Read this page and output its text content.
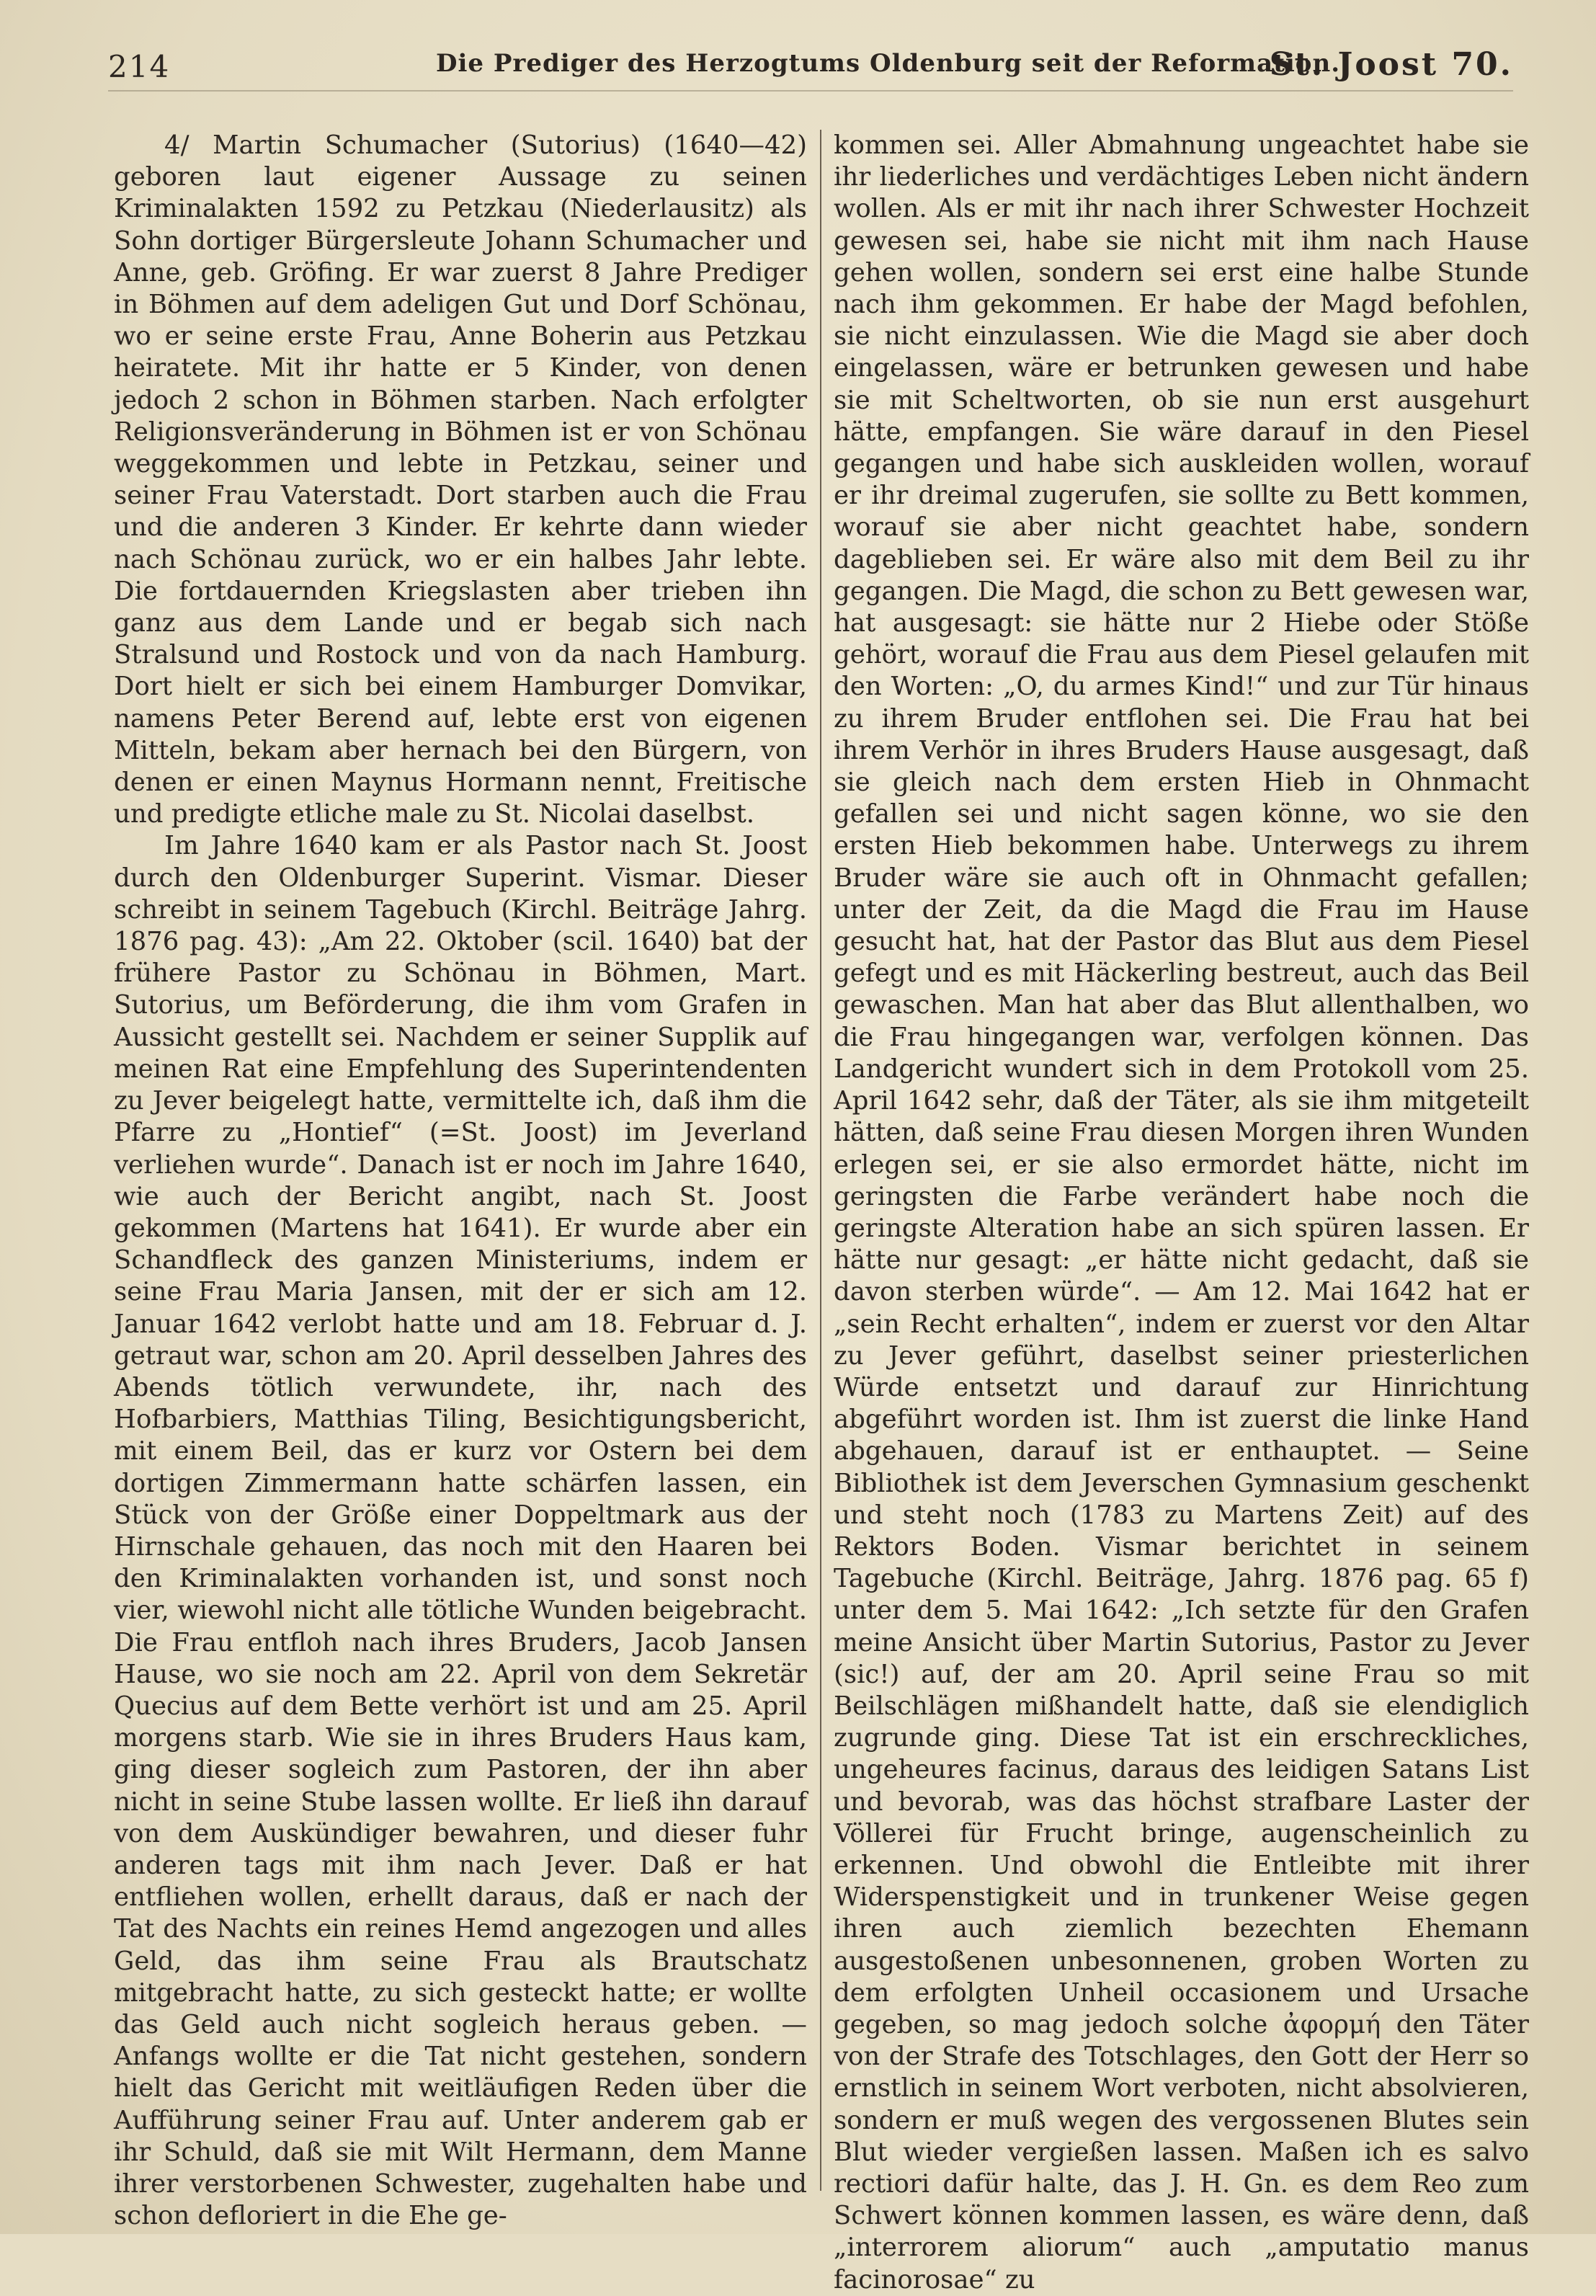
214	Die Prediger des Herzogtums Oldenburg seit der Reformation.
St. Joost 70.

4/ Martin Schumacher (Sutorius) (1640—42) geboren laut eigener Aussage zu seinen Kriminalakten 1592 zu Petzkau (Niederlausitz) als Sohn dortiger Bürgersleute Johann Schumacher und Anne, geb. Gröfing. Er war zuerst 8 Jahre Prediger in Böhmen auf dem adeligen Gut und Dorf Schönau, wo er seine erste Frau, Anne Boherin aus Petzkau heiratete. Mit ihr hatte er 5 Kinder, von denen jedoch 2 schon in Böhmen starben. Nach erfolgter Religionsveränderung in Böhmen ist er von Schönau weggekommen und lebte in Petzkau, seiner und seiner Frau Vaterstadt. Dort starben auch die Frau und die anderen 3 Kinder. Er kehrte dann wieder nach Schönau zurück, wo er ein halbes Jahr lebte. Die fortdauernden Kriegslasten aber trieben ihn ganz aus dem Lande und er begab sich nach Stralsund und Rostock und von da nach Hamburg. Dort hielt er sich bei einem Hamburger Domvikar, namens Peter Berend auf, lebte erst von eigenen Mitteln, bekam aber hernach bei den Bürgern, von denen er einen Maynus Hormann nennt, Freitische und predigte etliche male zu St. Nicolai daselbst.

Im Jahre 1640 kam er als Pastor nach St. Joost durch den Oldenburger Superint. Vismar. Dieser schreibt in seinem Tagebuch (Kirchl. Beiträge Jahrg. 1876 pag. 43): „Am 22. Oktober (scil. 1640) bat der frühere Pastor zu Schönau in Böhmen, Mart. Sutorius, um Beförderung, die ihm vom Grafen in Aussicht gestellt sei. Nachdem er seiner Supplik auf meinen Rat eine Empfehlung des Superintendenten zu Jever beigelegt hatte, vermittelte ich, daß ihm die Pfarre zu „Hontief“ (=St. Joost) im Jeverland verliehen wurde“. Danach ist er noch im Jahre 1640, wie auch der Bericht angibt, nach St. Joost gekommen (Martens hat 1641). Er wurde aber ein Schandfleck des ganzen Ministeriums, indem er seine Frau Maria Jansen, mit der er sich am 12. Januar 1642 verlobt hatte und am 18. Februar d. J. getraut war, schon am 20. April desselben Jahres des Abends tötlich verwundete, ihr, nach des Hofbarbiers, Matthias Tiling, Besichtigungsbericht, mit einem Beil, das er kurz vor Ostern bei dem dortigen Zimmermann hatte schärfen lassen, ein Stück von der Größe einer Doppeltmark aus der Hirnschale gehauen, das noch mit den Haaren bei den Kriminalakten vorhanden ist, und sonst noch vier, wiewohl nicht alle tötliche Wunden beigebracht. Die Frau entfloh nach ihres Bruders, Jacob Jansen Hause, wo sie noch am 22. April von dem Sekretär Quecius auf dem Bette verhört ist und am 25. April morgens starb. Wie sie in ihres Bruders Haus kam, ging dieser sogleich zum Pastoren, der ihn aber nicht in seine Stube lassen wollte. Er ließ ihn darauf von dem Auskündiger bewahren, und dieser fuhr anderen tags mit ihm nach Jever. Daß er hat entfliehen wollen, erhellt daraus, daß er nach der Tat des Nachts ein reines Hemd angezogen und alles Geld, das ihm seine Frau als Brautschatz mitgebracht hatte, zu sich gesteckt hatte; er wollte das Geld auch nicht sogleich heraus geben. — Anfangs wollte er die Tat nicht gestehen, sondern hielt das Gericht mit weitläufigen Reden über die Aufführung seiner Frau auf. Unter anderem gab er ihr Schuld, daß sie mit Wilt Hermann, dem Manne ihrer verstorbenen Schwester, zugehalten habe und schon defloriert in die Ehe ge-

kommen sei. Aller Abmahnung ungeachtet habe sie ihr liederliches und verdächtiges Leben nicht ändern wollen. Als er mit ihr nach ihrer Schwester Hochzeit gewesen sei, habe sie nicht mit ihm nach Hause gehen wollen, sondern sei erst eine halbe Stunde nach ihm gekommen. Er habe der Magd befohlen, sie nicht einzulassen. Wie die Magd sie aber doch eingelassen, wäre er betrunken gewesen und habe sie mit Scheltworten, ob sie nun erst ausgehurt hätte, empfangen. Sie wäre darauf in den Piesel gegangen und habe sich auskleiden wollen, worauf er ihr dreimal zugerufen, sie sollte zu Bett kommen, worauf sie aber nicht geachtet habe, sondern dageblieben sei. Er wäre also mit dem Beil zu ihr gegangen. Die Magd, die schon zu Bett gewesen war, hat ausgesagt: sie hätte nur 2 Hiebe oder Stöße gehört, worauf die Frau aus dem Piesel gelaufen mit den Worten: „O, du armes Kind!“ und zur Tür hinaus zu ihrem Bruder entflohen sei. Die Frau hat bei ihrem Verhör in ihres Bruders Hause ausgesagt, daß sie gleich nach dem ersten Hieb in Ohnmacht gefallen sei und nicht sagen könne, wo sie den ersten Hieb bekommen habe. Unterwegs zu ihrem Bruder wäre sie auch oft in Ohnmacht gefallen; unter der Zeit, da die Magd die Frau im Hause gesucht hat, hat der Pastor das Blut aus dem Piesel gefegt und es mit Häckerling bestreut, auch das Beil gewaschen. Man hat aber das Blut allenthalben, wo die Frau hingegangen war, verfolgen können. Das Landgericht wundert sich in dem Protokoll vom 25. April 1642 sehr, daß der Täter, als sie ihm mitgeteilt hätten, daß seine Frau diesen Morgen ihren Wunden erlegen sei, er sie also ermordet hätte, nicht im geringsten die Farbe verändert habe noch die geringste Alteration habe an sich spüren lassen. Er hätte nur gesagt: „er hätte nicht gedacht, daß sie davon sterben würde“. — Am 12. Mai 1642 hat er „sein Recht erhalten“, indem er zuerst vor den Altar zu Jever geführt, daselbst seiner priesterlichen Würde entsetzt und darauf zur Hinrichtung abgeführt worden ist. Ihm ist zuerst die linke Hand abgehauen, darauf ist er enthauptet. — Seine Bibliothek ist dem Jeverschen Gymnasium geschenkt und steht noch (1783 zu Martens Zeit) auf des Rektors Boden. Vismar berichtet in seinem Tagebuche (Kirchl. Beiträge, Jahrg. 1876 pag. 65 f) unter dem 5. Mai 1642: „Ich setzte für den Grafen meine Ansicht über Martin Sutorius, Pastor zu Jever (sic!) auf, der am 20. April seine Frau so mit Beilschlägen mißhandelt hatte, daß sie elendiglich zugrunde ging. Diese Tat ist ein erschreckliches, ungeheures facinus, daraus des leidigen Satans List und bevorab, was das höchst strafbare Laster der Völlerei für Frucht bringe, augenscheinlich zu erkennen. Und obwohl die Entleibte mit ihrer Widerspenstigkeit und in trunkener Weise gegen ihren auch ziemlich bezechten Ehemann ausgestoßenen unbesonnenen, groben Worten zu dem erfolgten Unheil occasionem und Ursache gegeben, so mag jedoch solche ἀφορμή den Täter von der Strafe des Totschlages, den Gott der Herr so ernstlich in seinem Wort verboten, nicht absolvieren, sondern er muß wegen des vergossenen Blutes sein Blut wieder vergießen lassen. Maßen ich es salvo rectiori dafür halte, das J. H. Gn. es dem Reo zum Schwert können kommen lassen, es wäre denn, daß „interrorem aliorum“ auch „amputatio manus facinorosae“ zu
